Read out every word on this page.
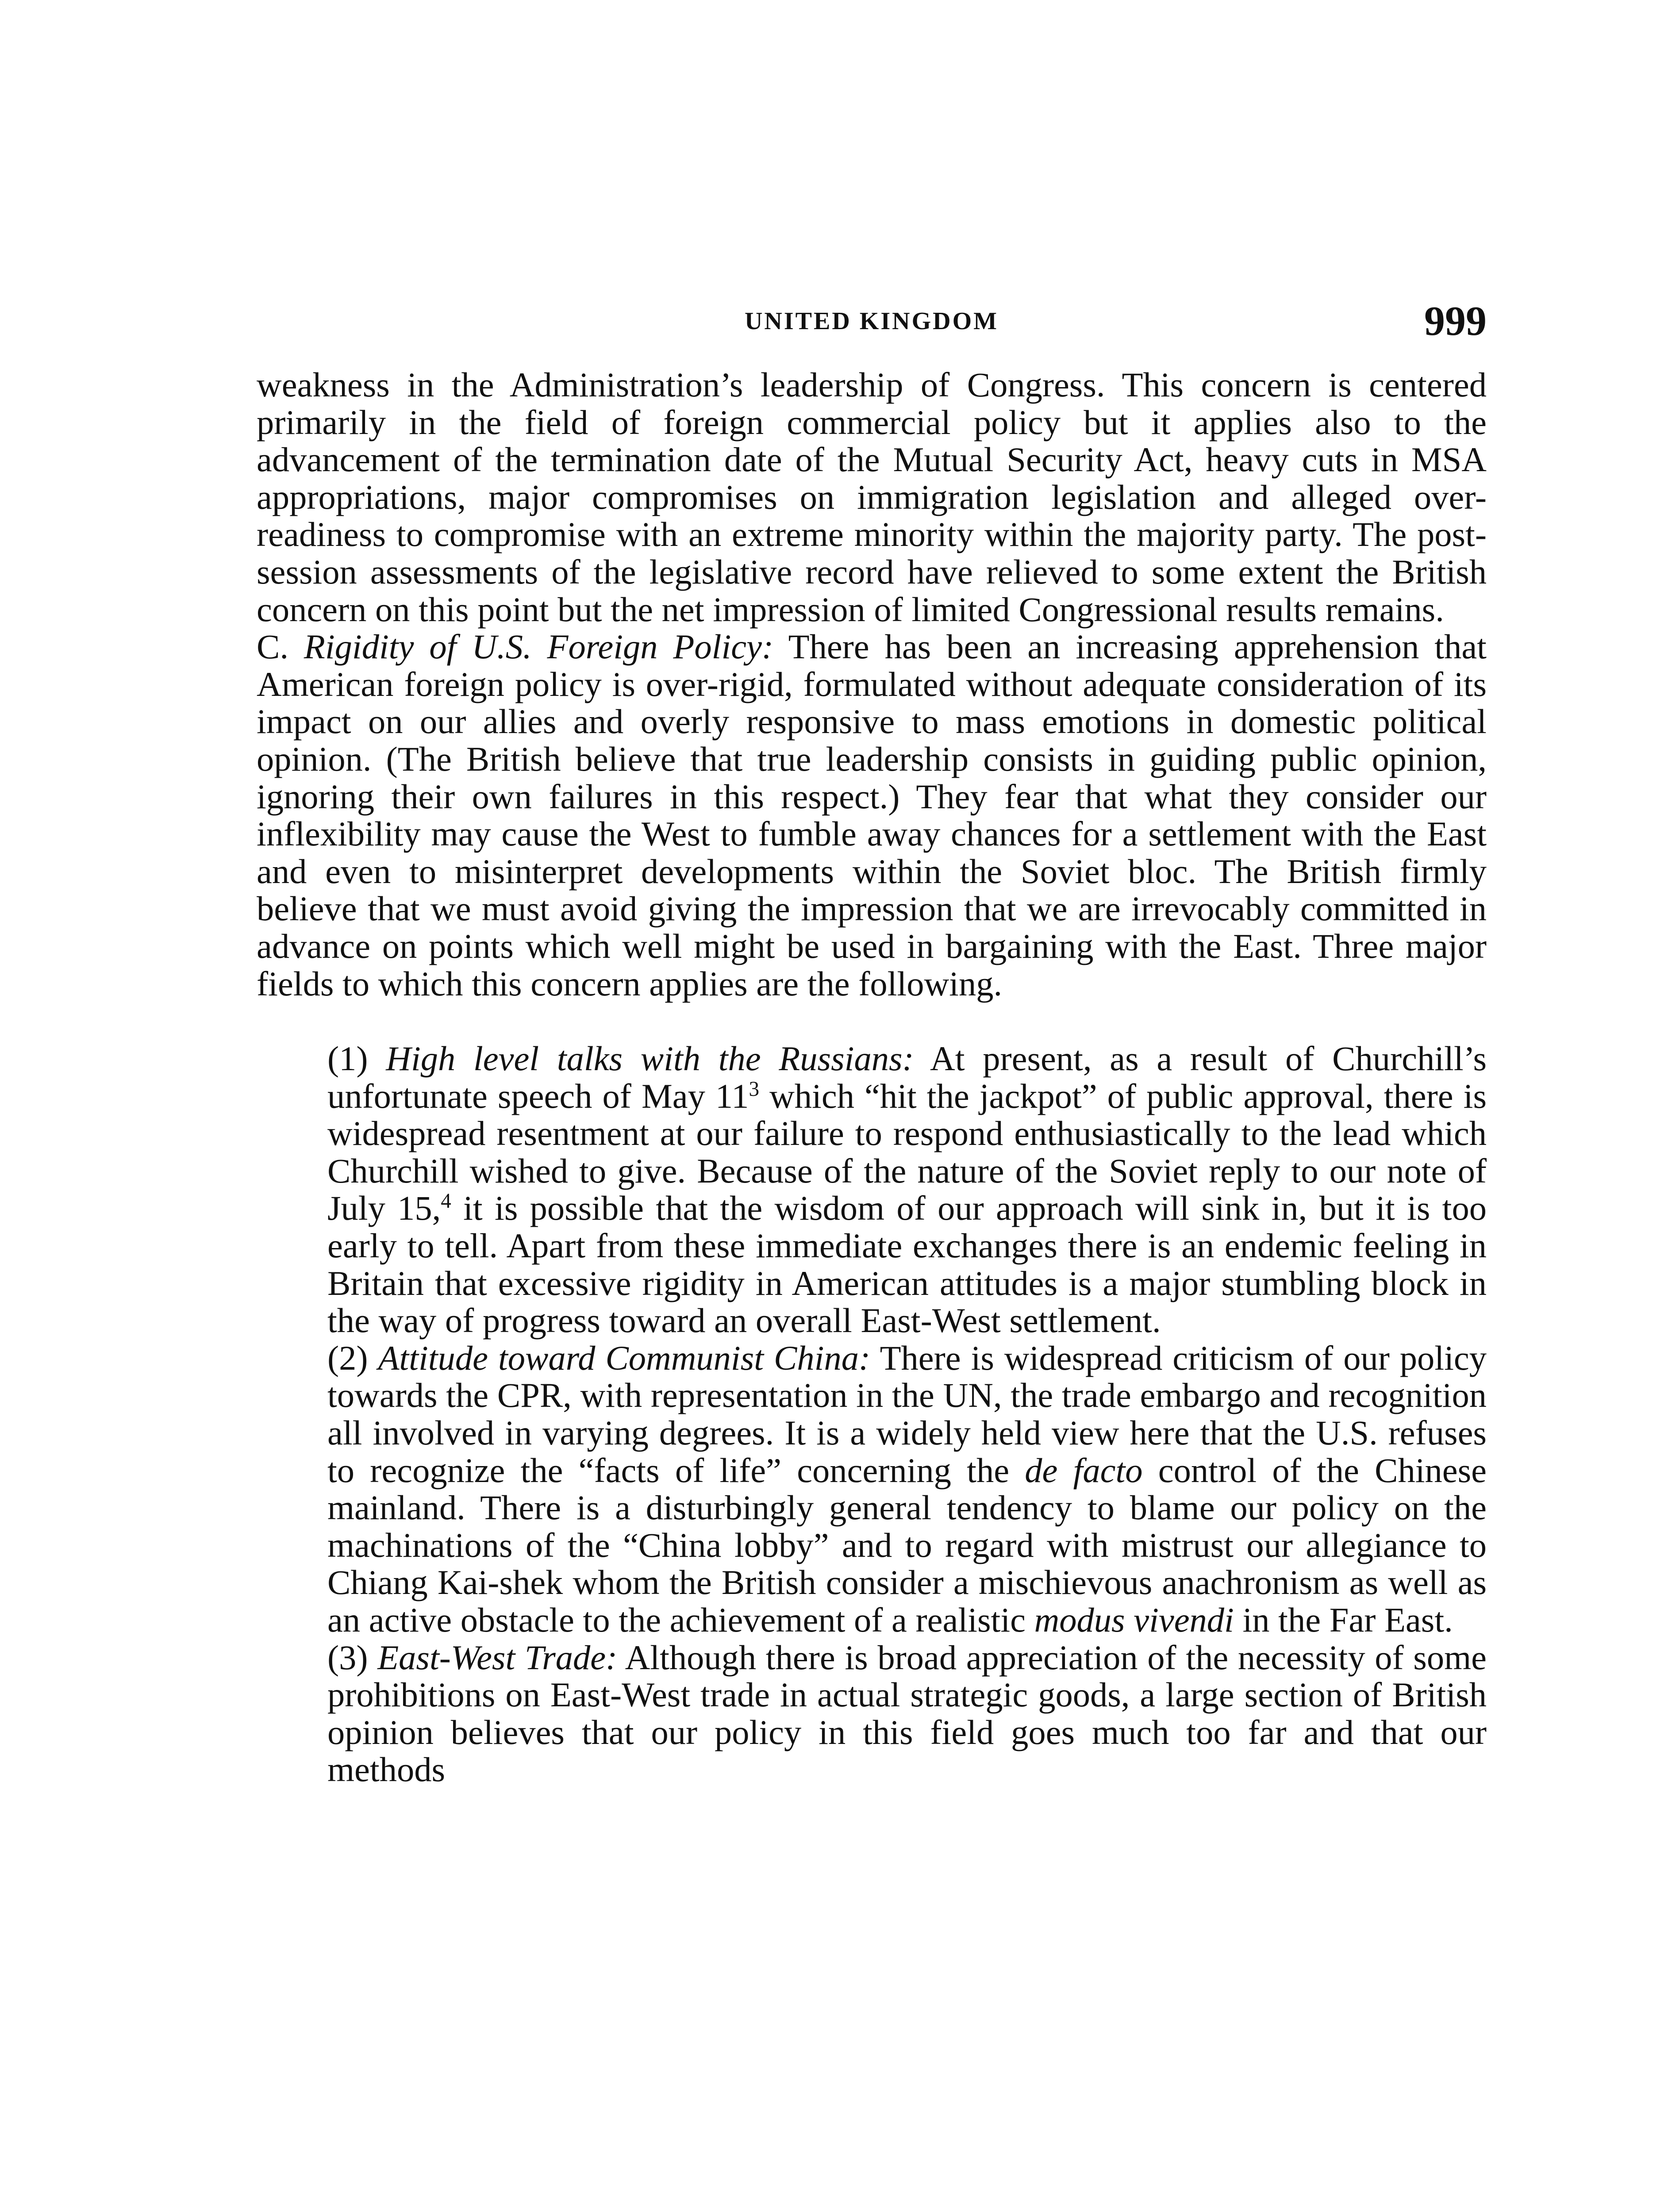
UNITED KINGDOM	999

weakness in the Administration’s leadership of Congress. This concern is centered primarily in the field of foreign commercial policy but it applies also to the advancement of the termination date of the Mutual Security Act, heavy cuts in MSA appropriations, major compromises on immigration legislation and alleged over-readiness to compromise with an extreme minority within the majority party. The post-session assessments of the legislative record have relieved to some extent the British concern on this point but the net impression of limited Congressional results remains.

C. Rigidity of U.S. Foreign Policy: There has been an increasing apprehension that American foreign policy is over-rigid, formulated without adequate consideration of its impact on our allies and overly responsive to mass emotions in domestic political opinion. (The British believe that true leadership consists in guiding public opinion, ignoring their own failures in this respect.) They fear that what they consider our inflexibility may cause the West to fumble away chances for a settlement with the East and even to misinterpret developments within the Soviet bloc. The British firmly believe that we must avoid giving the impression that we are irrevocably committed in advance on points which well might be used in bargaining with the East. Three major fields to which this concern applies are the following.

(1) High level talks with the Russians: At present, as a result of Churchill’s unfortunate speech of May $11^3$ which “hit the jackpot” of public approval, there is widespread resentment at our failure to respond enthusiastically to the lead which Churchill wished to give. Because of the nature of the Soviet reply to our note of July 15,$^4$ it is possible that the wisdom of our approach will sink in, but it is too early to tell. Apart from these immediate exchanges there is an endemic feeling in Britain that excessive rigidity in American attitudes is a major stumbling block in the way of progress toward an overall East-West settlement.

(2) Attitude toward Communist China: There is widespread criticism of our policy towards the CPR, with representation in the UN, the trade embargo and recognition all involved in varying degrees. It is a widely held view here that the U.S. refuses to recognize the “facts of life” concerning the de facto control of the Chinese mainland. There is a disturbingly general tendency to blame our policy on the machinations of the “China lobby” and to regard with mistrust our allegiance to Chiang Kai-shek whom the British consider a mischievous anachronism as well as an active obstacle to the achievement of a realistic modus vivendi in the Far East.

(3) East-West Trade: Although there is broad appreciation of the necessity of some prohibitions on East-West trade in actual strategic goods, a large section of British opinion believes that our policy in this field goes much too far and that our methods
